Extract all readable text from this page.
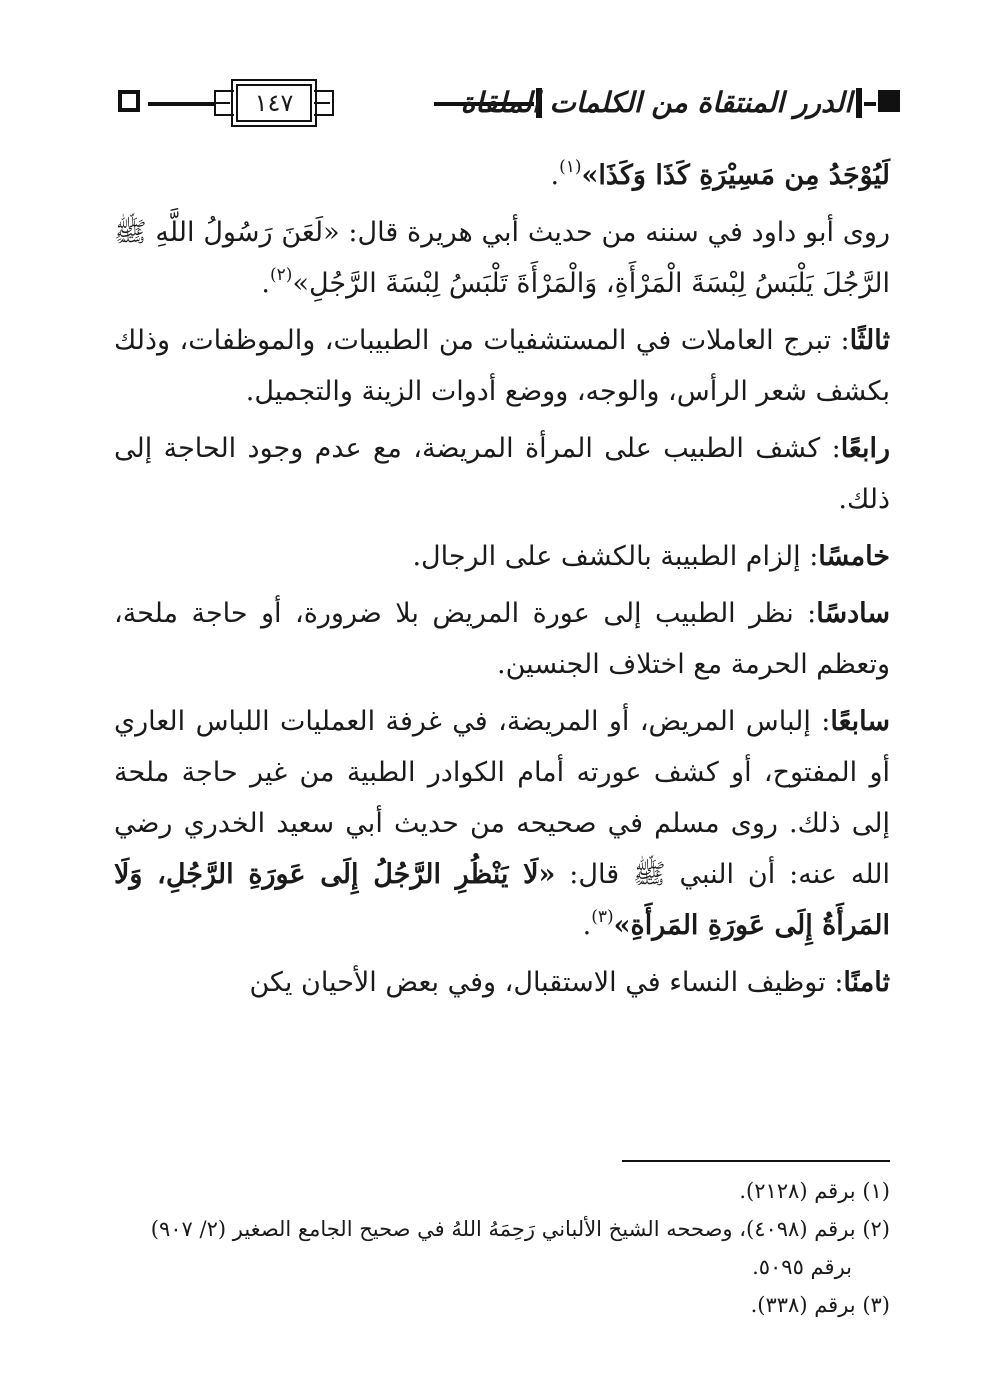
١٤٧	الدرر المنتقاة من الكلمات الملقاة

لَيُوْجَدُ مِن مَسِيْرَةِ كَذَا وَكَذَا»$^{(١)}$.

روى أبو داود في سننه من حديث أبي هريرة قال: «لَعَنَ رَسُولُ اللَّهِ ﷺ الرَّجُلَ يَلْبَسُ لِبْسَةَ الْمَرْأَةِ، وَالْمَرْأَةَ تَلْبَسُ لِبْسَةَ الرَّجُلِ»$^{(٢)}$.

ثالثًا: تبرج العاملات في المستشفيات من الطبيبات، والموظفات، وذلك بكشف شعر الرأس، والوجه، ووضع أدوات الزينة والتجميل.

رابعًا: كشف الطبيب على المرأة المريضة، مع عدم وجود الحاجة إلى ذلك.

خامسًا: إلزام الطبيبة بالكشف على الرجال.

سادسًا: نظر الطبيب إلى عورة المريض بلا ضرورة، أو حاجة ملحة، وتعظم الحرمة مع اختلاف الجنسين.

سابعًا: إلباس المريض، أو المريضة، في غرفة العمليات اللباس العاري أو المفتوح، أو كشف عورته أمام الكوادر الطبية من غير حاجة ملحة إلى ذلك. روى مسلم في صحيحه من حديث أبي سعيد الخدري رضي الله عنه: أن النبي ﷺ قال: «لَا يَنْظُرِ الرَّجُلُ إِلَى عَورَةِ الرَّجُلِ، وَلَا المَرأَةُ إِلَى عَورَةِ المَرأَةِ»$^{(٣)}$.

ثامنًا: توظيف النساء في الاستقبال، وفي بعض الأحيان يكن

(١) برقم (٢١٢٨).

(٢) برقم (٤٠٩٨)، وصححه الشيخ الألباني رَحِمَهُ اللهُ في صحيح الجامع الصغير (٢/ ٩٠٧)
برقم ٥٠٩٥.

(٣) برقم (٣٣٨).
